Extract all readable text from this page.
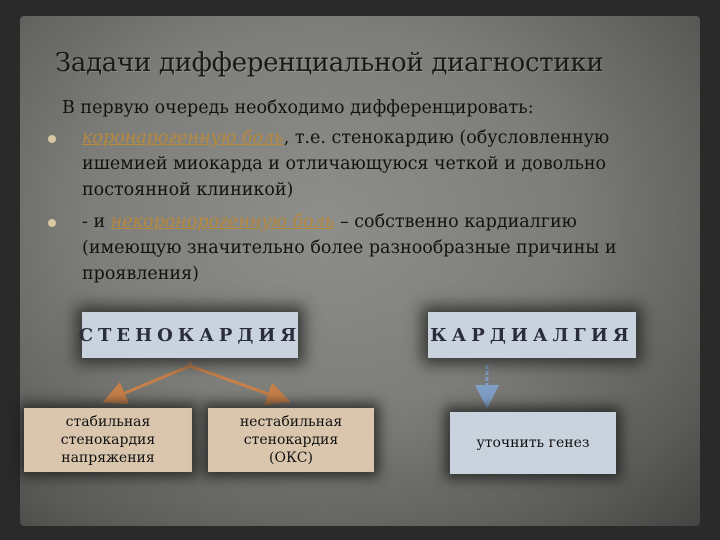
Задачи дифференциальной диагностики
В первую очередь необходимо дифференцировать:
коронарогенную боль, т.е. стенокардию (обусловленную
ишемией миокарда и отличающуюся четкой и довольно
постоянной клиникой)
- и некоронорогенную боль – собственно кардиалгию
(имеющую значительно более разнообразные причины и
проявления)
СТЕНОКАРДИЯ	КАРДИАЛГИЯ
стабильная
стенокардия
напряжения
нестабильная
стенокардия
(ОКС)
уточнить генез
